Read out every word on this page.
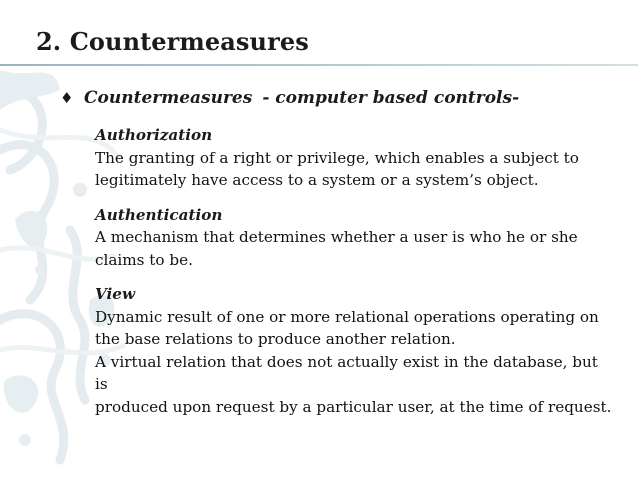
2. Countermeasures
♦ Countermeasures - computer based controls-
Authorization
The granting of a right or privilege, which enables a subject to
legitimately have access to a system or a system’s object.
Authentication
A mechanism that determines whether a user is who he or she
claims to be.
View
Dynamic result of one or more relational operations operating on
the base relations to produce another relation.
A virtual relation that does not actually exist in the database, but is
produced upon request by a particular user, at the time of request.
